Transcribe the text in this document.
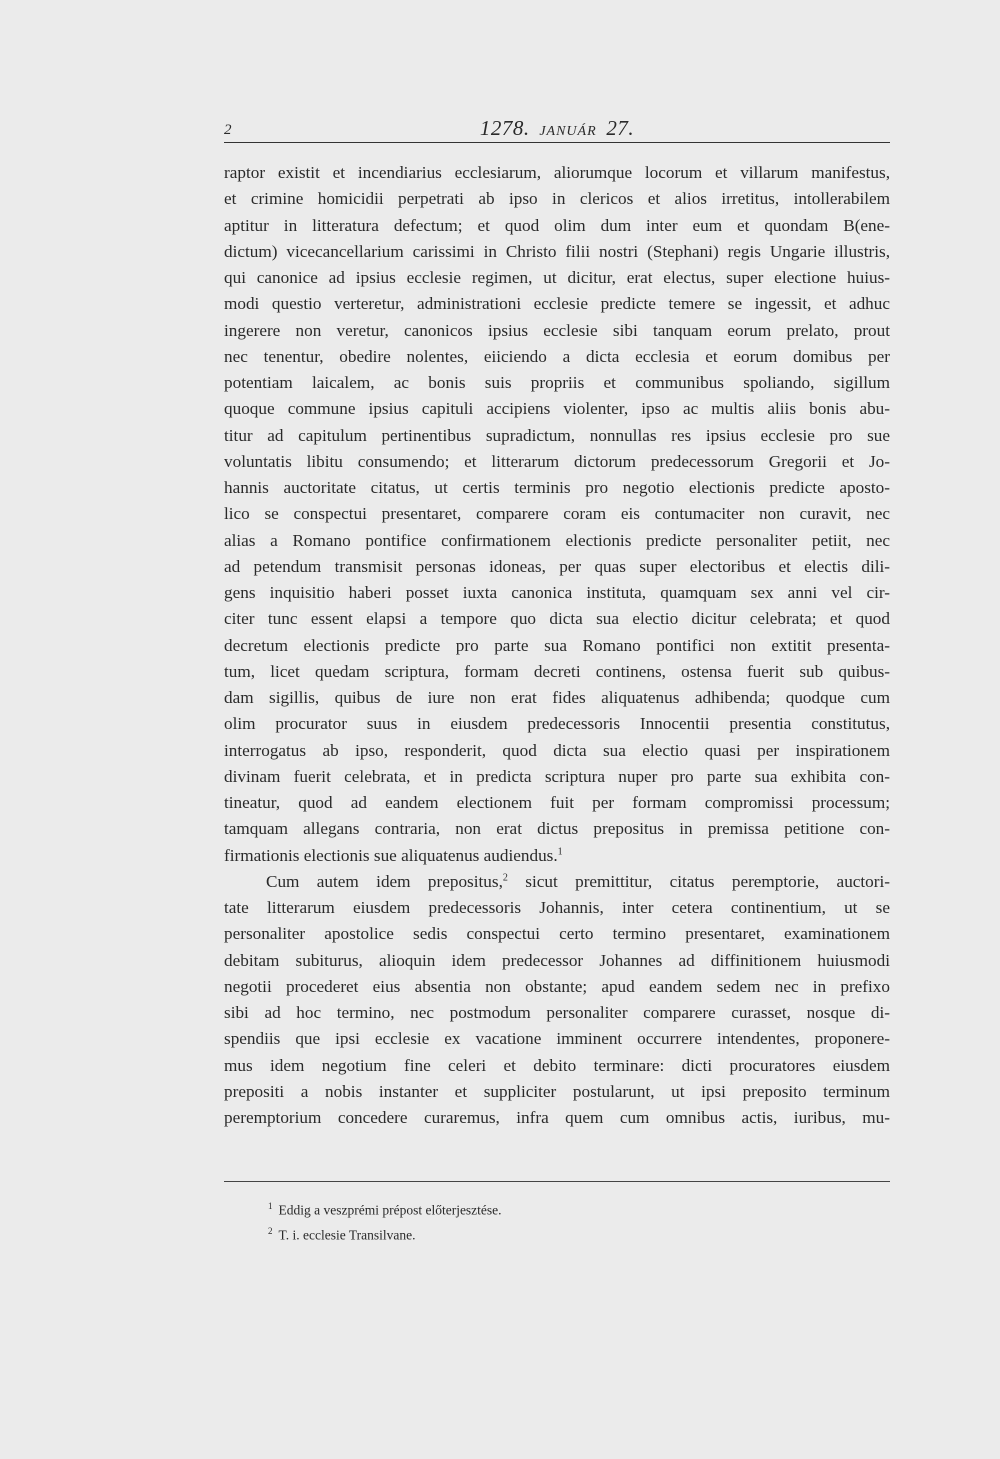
2	1278. JANUÁR 27.
raptor existit et incendiarius ecclesiarum, aliorumque locorum et villarum manifestus,
et crimine homicidii perpetrati ab ipso in clericos et alios irretitus, intollerabilem
aptitur in litteratura defectum; et quod olim dum inter eum et quondam B(ene-
dictum) vicecancellarium carissimi in Christo filii nostri (Stephani) regis Ungarie illustris,
qui canonice ad ipsius ecclesie regimen, ut dicitur, erat electus, super electione huius-
modi questio verteretur, administrationi ecclesie predicte temere se ingessit, et adhuc
ingerere non veretur, canonicos ipsius ecclesie sibi tanquam eorum prelato, prout
nec tenentur, obedire nolentes, eiiciendo a dicta ecclesia et eorum domibus per
potentiam laicalem, ac bonis suis propriis et communibus spoliando, sigillum
quoque commune ipsius capituli accipiens violenter, ipso ac multis aliis bonis abu-
titur ad capitulum pertinentibus supradictum, nonnullas res ipsius ecclesie pro sue
voluntatis libitu consumendo; et litterarum dictorum predecessorum Gregorii et Jo-
hannis auctoritate citatus, ut certis terminis pro negotio electionis predicte aposto-
lico se conspectui presentaret, comparere coram eis contumaciter non curavit, nec
alias a Romano pontifice confirmationem electionis predicte personaliter petiit, nec
ad petendum transmisit personas idoneas, per quas super electoribus et electis dili-
gens inquisitio haberi posset iuxta canonica instituta, quamquam sex anni vel cir-
citer tunc essent elapsi a tempore quo dicta sua electio dicitur celebrata; et quod
decretum electionis predicte pro parte sua Romano pontifici non extitit presenta-
tum, licet quedam scriptura, formam decreti continens, ostensa fuerit sub quibus-
dam sigillis, quibus de iure non erat fides aliquatenus adhibenda; quodque cum
olim procurator suus in eiusdem predecessoris Innocentii presentia constitutus,
interrogatus ab ipso, responderit, quod dicta sua electio quasi per inspirationem
divinam fuerit celebrata, et in predicta scriptura nuper pro parte sua exhibita con-
tineatur, quod ad eandem electionem fuit per formam compromissi processum;
tamquam allegans contraria, non erat dictus prepositus in premissa petitione con-
firmationis electionis sue aliquatenus audiendus.$^1$
Cum autem idem prepositus,$^2$ sicut premittitur, citatus peremptorie, auctori-
tate litterarum eiusdem predecessoris Johannis, inter cetera continentium, ut se
personaliter apostolice sedis conspectui certo termino presentaret, examinationem
debitam subiturus, alioquin idem predecessor Johannes ad diffinitionem huiusmodi
negotii procederet eius absentia non obstante; apud eandem sedem nec in prefixo
sibi ad hoc termino, nec postmodum personaliter comparere curasset, nosque di-
spendiis que ipsi ecclesie ex vacatione imminent occurrere intendentes, proponere-
mus idem negotium fine celeri et debito terminare: dicti procuratores eiusdem
prepositi a nobis instanter et suppliciter postularunt, ut ipsi preposito terminum
peremptorium concedere curaremus, infra quem cum omnibus actis, iuribus, mu-
$^1$ Eddig a veszprémi prépost előterjesztése.
$^2$ T. i. ecclesie Transilvane.
